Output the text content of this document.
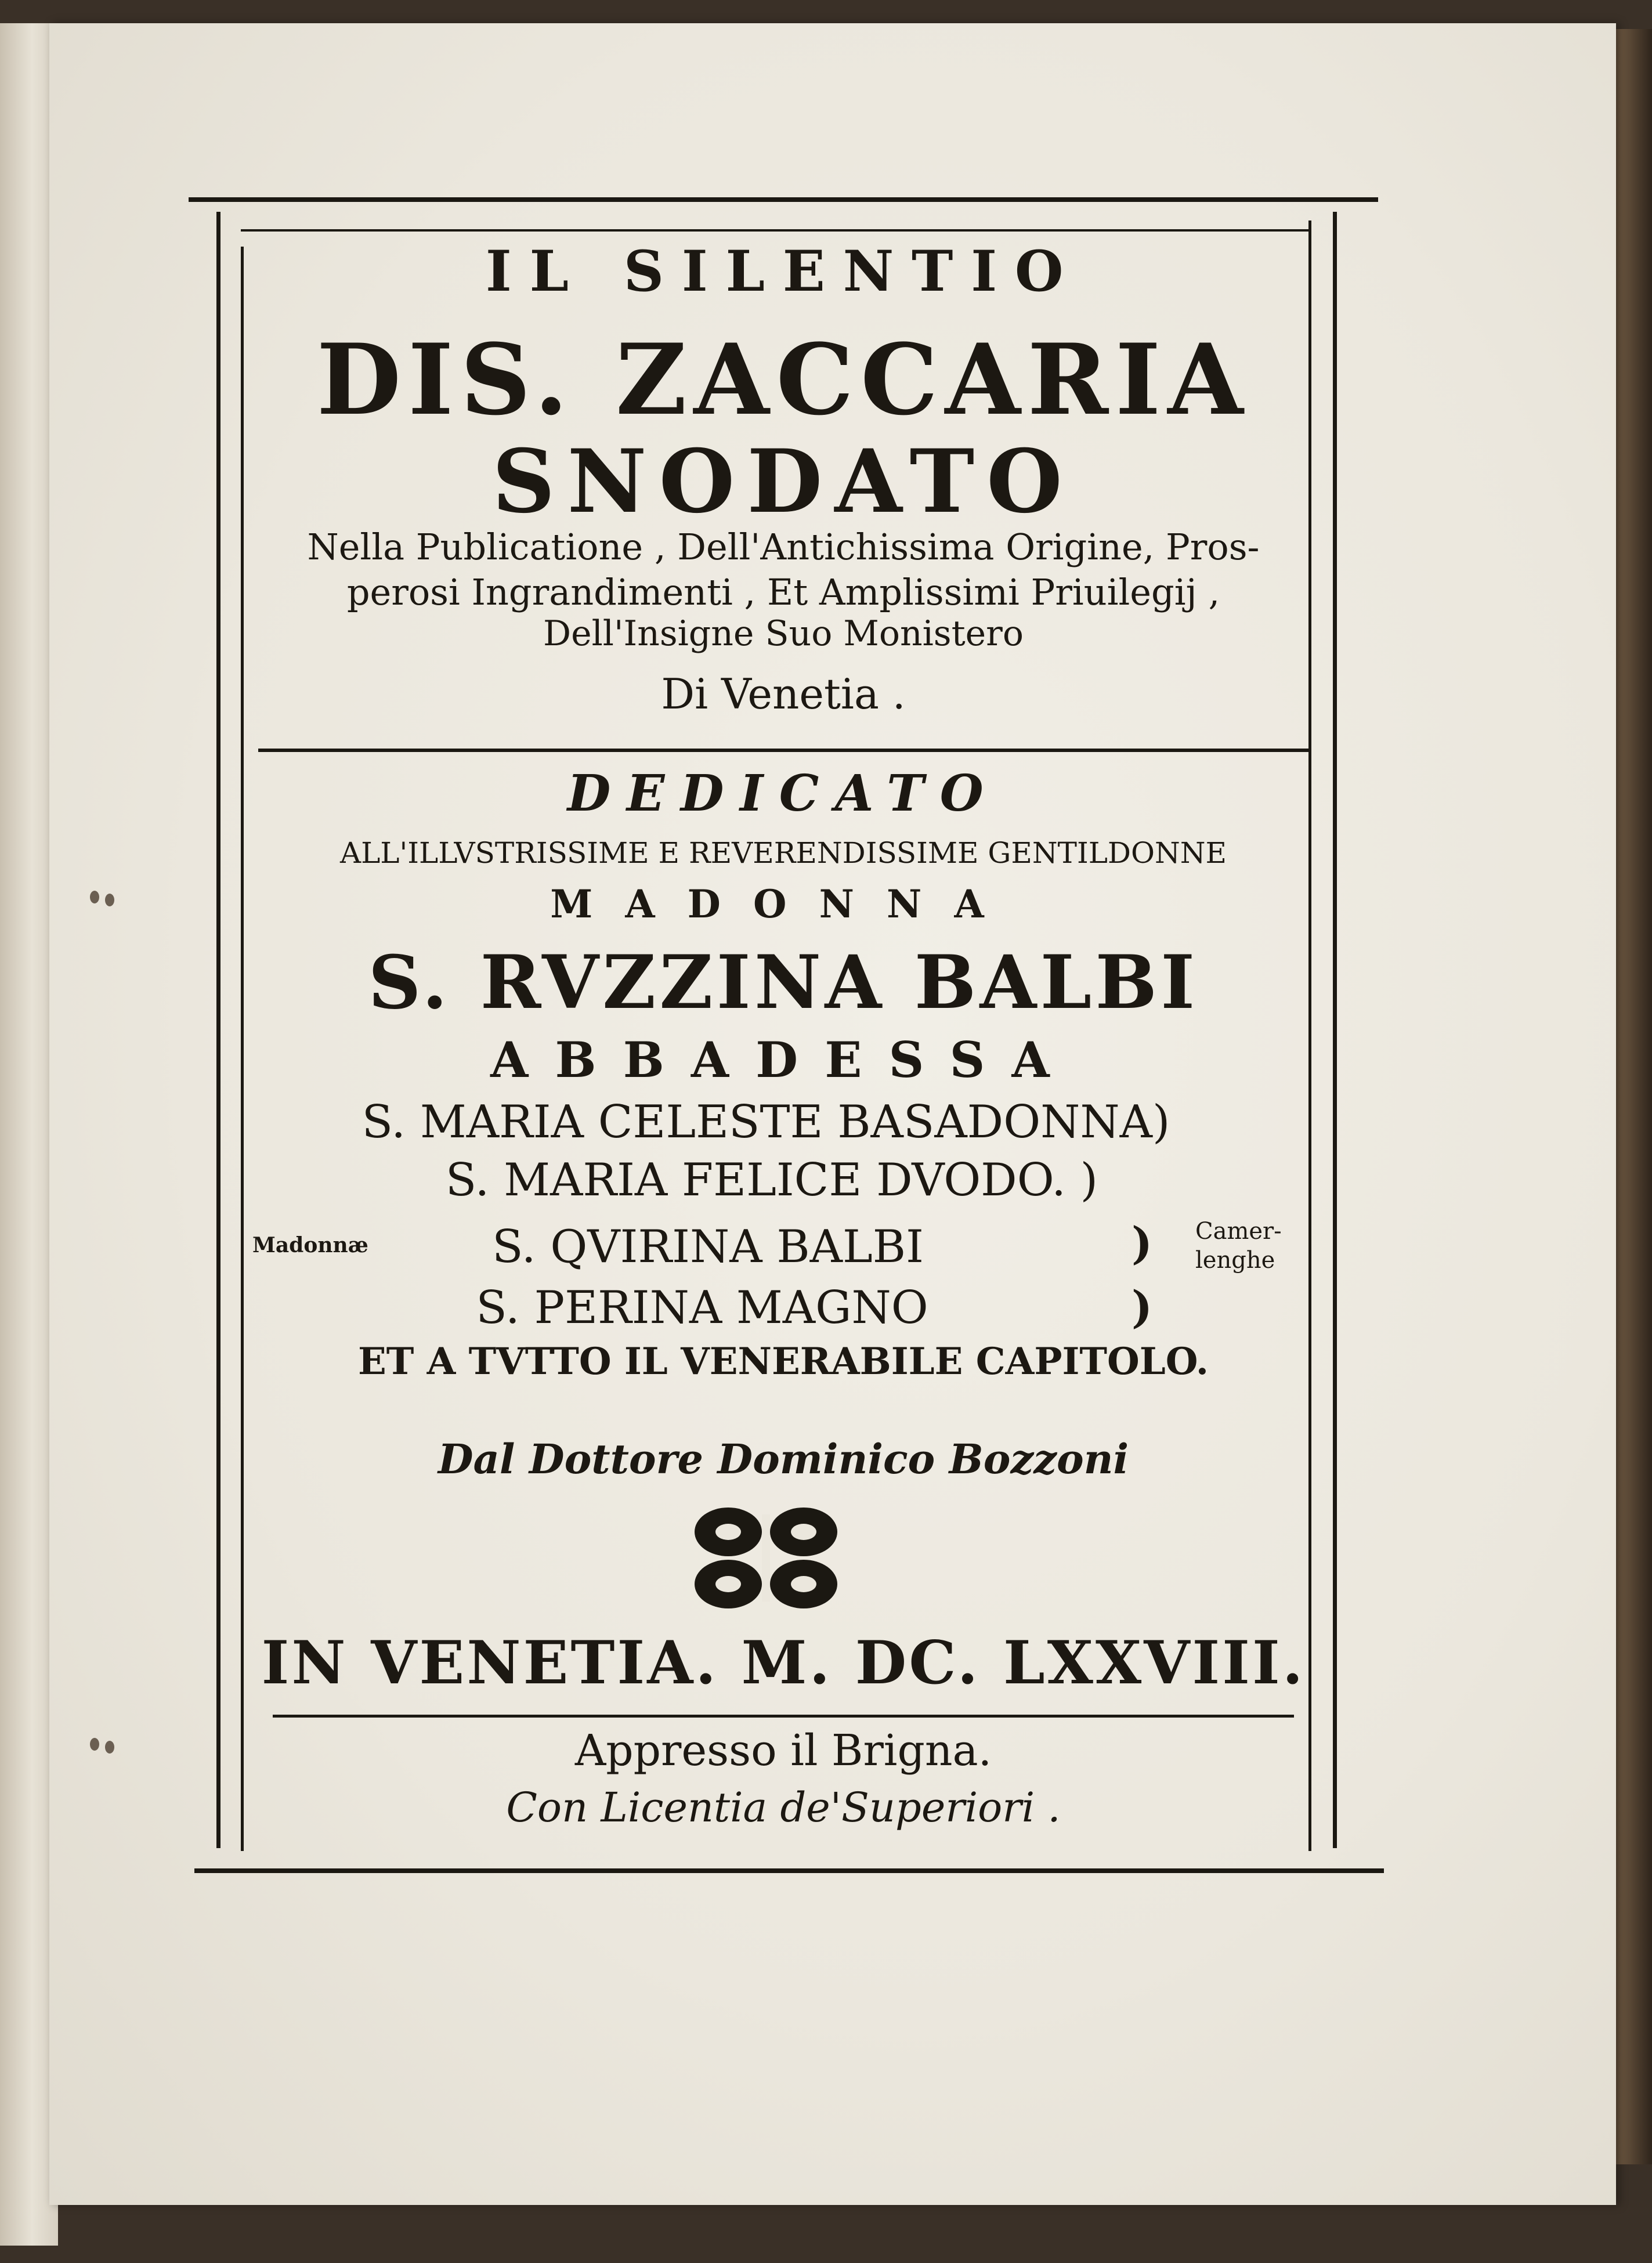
IL SILENTIO
DIS. ZACCARIA
SNODATO
Nella Publicatione , Dell'Antichissima Origine, Pros-
perosi Ingrandimenti , Et Amplissimi Priuilegij ,
Dell'Insigne Suo Monistero
Di Venetia .
DEDICATO
ALL'ILLVSTRISSIME E REVERENDISSIME GENTILDONNE
MADONNA
S. RVZZINA BALBI
ABBADESSA
S. MARIA CELESTE BASADONNA)
S. MARIA FELICE DVODO. )
S. QVIRINA BALBI
S. PERINA MAGNO
)
)
Madonnæ
Camer-
lenghe
ET A TVTTO IL VENERABILE CAPITOLO.
Dal Dottore Dominico Bozzoni
IN VENETIA. M. DC. LXXVIII.
Appresso il Brigna.
Con Licentia de'Superiori .
